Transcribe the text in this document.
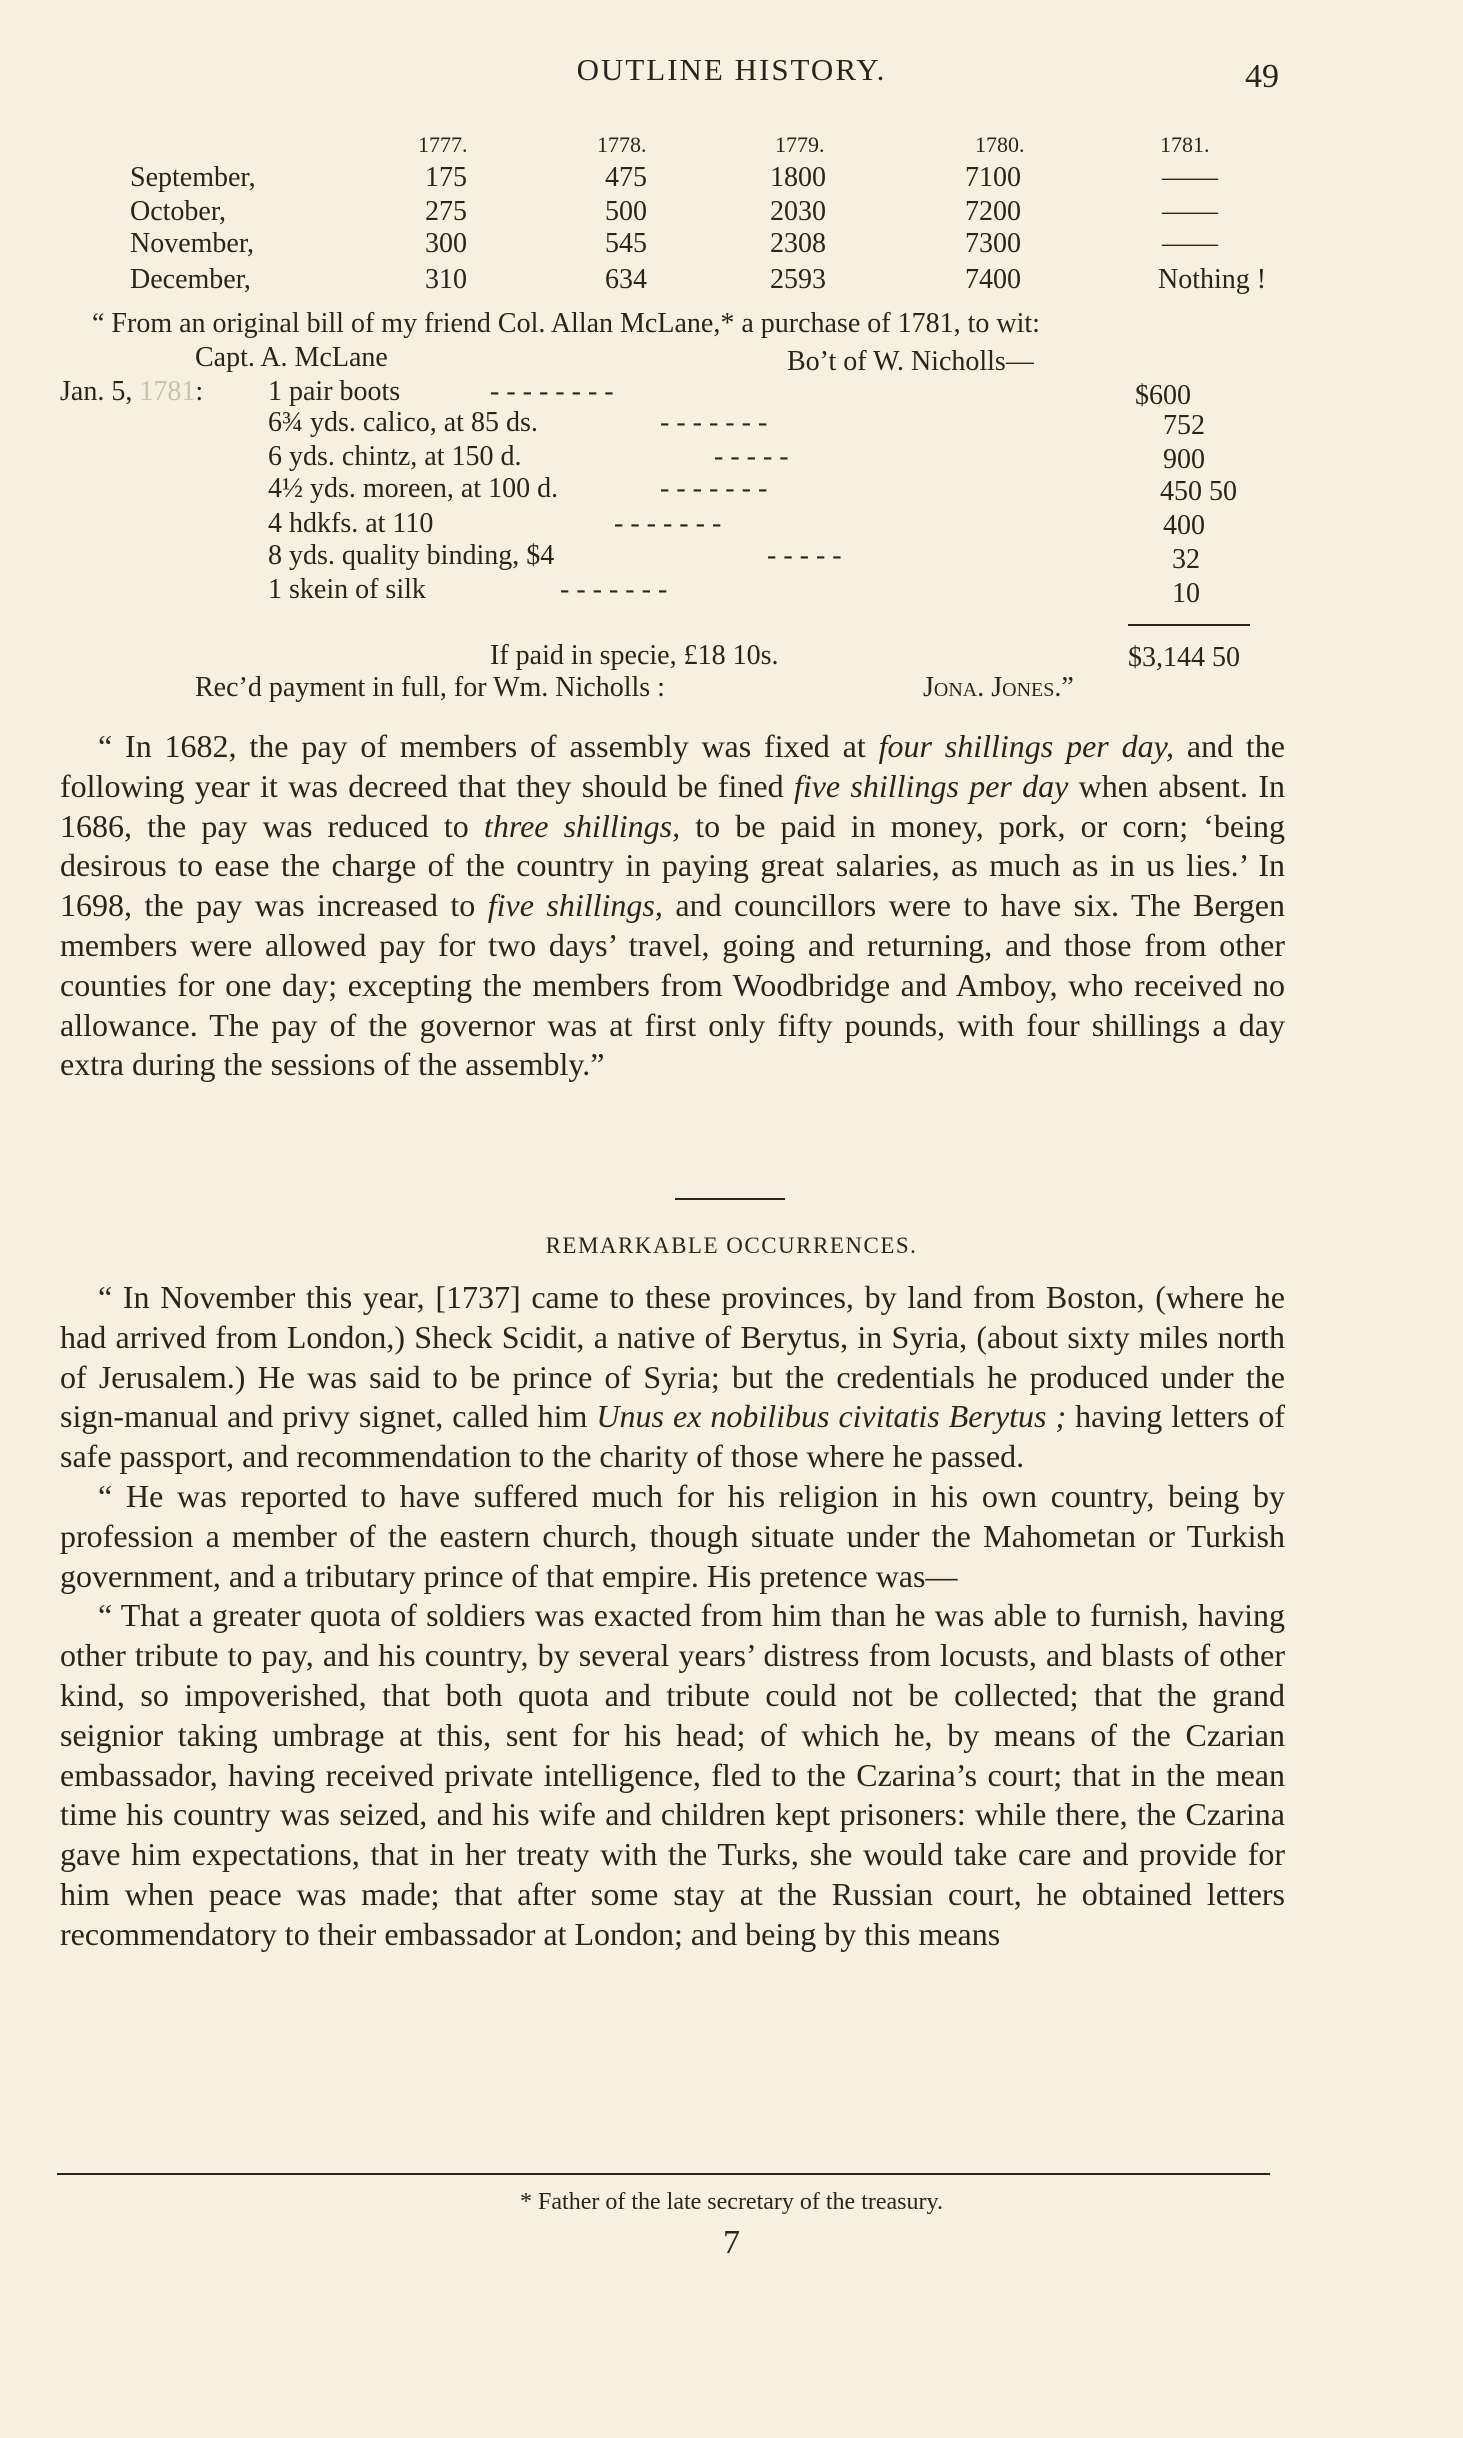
OUTLINE HISTORY.	49
1777.	1778.	1779.	1780.	1781.
September,	175	475	1800	7100	——
October,	275	500	2030	7200	——
November,	300	545	2308	7300	——
December,	310	634	2593	7400	Nothing !
“ From an original bill of my friend Col. Allan McLane,* a purchase of 1781, to wit:
Capt. A. McLane	Bo’t of W. Nicholls—
Jan. 5, 1781: 1 pair boots	- - - - - - - -	$600
6¾ yds. calico, at 85 ds.	- - - - - - -	752
6 yds. chintz, at 150 d.	- - - - -	900
4½ yds. moreen, at 100 d.	- - - - - - -	450 50
4 hdkfs. at 110	- - - - - - -	400
8 yds. quality binding, $4	- - - - -	32
1 skein of silk	- - - - - - -	10
If paid in specie, £18 10s.	$3,144 50
Rec’d payment in full, for Wm. Nicholls :	Jona. Jones.”

“ In 1682, the pay of members of assembly was fixed at four shillings per day, and the following year it was decreed that they should be fined five shillings per day when absent. In 1686, the pay was reduced to three shillings, to be paid in money, pork, or corn; ‘being desirous to ease the charge of the country in paying great salaries, as much as in us lies.’ In 1698, the pay was increased to five shillings, and councillors were to have six. The Bergen members were allowed pay for two days’ travel, going and returning, and those from other counties for one day; excepting the members from Woodbridge and Amboy, who received no allowance. The pay of the governor was at first only fifty pounds, with four shillings a day extra during the sessions of the assembly.”

REMARKABLE OCCURRENCES.

“ In November this year, [1737] came to these provinces, by land from Boston, (where he had arrived from London,) Sheck Scidit, a native of Berytus, in Syria, (about sixty miles north of Jerusalem.) He was said to be prince of Syria; but the credentials he produced under the sign-manual and privy signet, called him Unus ex nobilibus civitatis Berytus ; having letters of safe passport, and recommendation to the charity of those where he passed.

“ He was reported to have suffered much for his religion in his own country, being by profession a member of the eastern church, though situate under the Mahometan or Turkish government, and a tributary prince of that empire. His pretence was—

“ That a greater quota of soldiers was exacted from him than he was able to furnish, having other tribute to pay, and his country, by several years’ distress from locusts, and blasts of other kind, so impoverished, that both quota and tribute could not be collected; that the grand seignior taking umbrage at this, sent for his head; of which he, by means of the Czarian embassador, having received private intelligence, fled to the Czarina’s court; that in the mean time his country was seized, and his wife and children kept prisoners: while there, the Czarina gave him expectations, that in her treaty with the Turks, she would take care and provide for him when peace was made; that after some stay at the Russian court, he obtained letters recommendatory to their embassador at London; and being by this means

* Father of the late secretary of the treasury.
7
